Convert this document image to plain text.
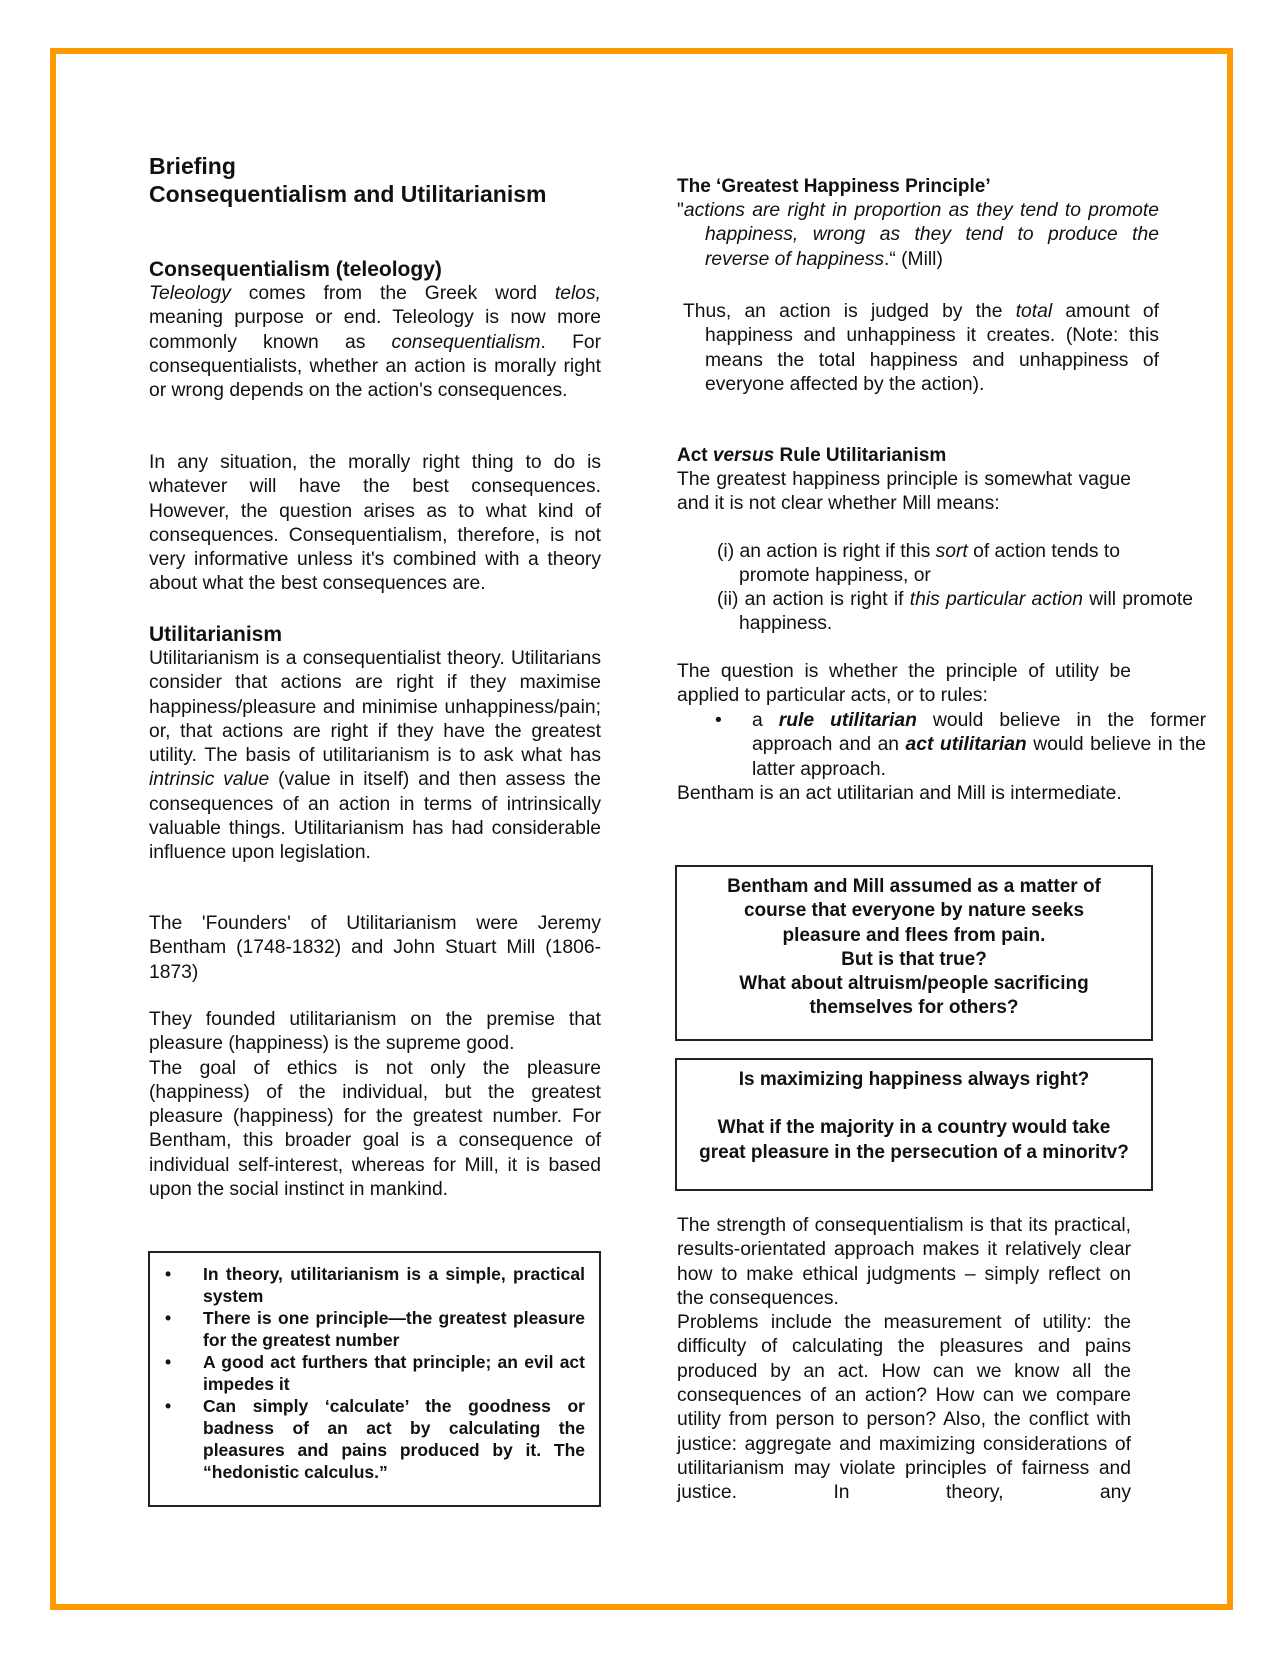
Briefing
Consequentialism and Utilitarianism
Consequentialism (teleology)

Teleology comes from the Greek word telos, meaning purpose or end. Teleology is now more commonly known as consequentialism. For consequentialists, whether an action is morally right or wrong depends on the action's consequences.

In any situation, the morally right thing to do is whatever will have the best consequences. However, the question arises as to what kind of consequences. Consequentialism, therefore, is not very informative unless it's combined with a theory about what the best consequences are.

Utilitarianism

Utilitarianism is a consequentialist theory. Utilitarians consider that actions are right if they maximise happiness/pleasure and minimise unhappiness/pain; or, that actions are right if they have the greatest utility. The basis of utilitarianism is to ask what has intrinsic value (value in itself) and then assess the consequences of an action in terms of intrinsically valuable things. Utilitarianism has had considerable influence upon legislation.

The 'Founders' of Utilitarianism were Jeremy Bentham (1748-1832) and John Stuart Mill (1806-1873)

They founded utilitarianism on the premise that pleasure (happiness) is the supreme good.

The goal of ethics is not only the pleasure (happiness) of the individual, but the greatest pleasure (happiness) for the greatest number. For Bentham, this broader goal is a consequence of individual self-interest, whereas for Mill, it is based upon the social instinct in mankind.

• In theory, utilitarianism is a simple, practical system
• There is one principle—the greatest pleasure for the greatest number
• A good act furthers that principle; an evil act impedes it
• Can simply ‘calculate’ the goodness or badness of an act by calculating the pleasures and pains produced by it. The “hedonistic calculus.”
The ‘Greatest Happiness Principle’

"actions are right in proportion as they tend to promote happiness, wrong as they tend to produce the reverse of happiness.“ (Mill)

Thus, an action is judged by the total amount of happiness and unhappiness it creates. (Note: this means the total happiness and unhappiness of everyone affected by the action).

Act versus Rule Utilitarianism

The greatest happiness principle is somewhat vague and it is not clear whether Mill means:

(i) an action is right if this sort of action tends to promote happiness, or

(ii) an action is right if this particular action will promote happiness.

The question is whether the principle of utility be applied to particular acts, or to rules:

• a rule utilitarian would believe in the former approach and an act utilitarian would believe in the latter approach.

Bentham is an act utilitarian and Mill is intermediate.

Bentham and Mill assumed as a matter of course that everyone by nature seeks pleasure and flees from pain.
But is that true?
What about altruism/people sacrificing themselves for others?
Is maximizing happiness always right?
What if the majority in a country would take great pleasure in the persecution of a minoritv?

The strength of consequentialism is that its practical, results-orientated approach makes it relatively clear how to make ethical judgments – simply reflect on the consequences.

Problems include the measurement of utility: the difficulty of calculating the pleasures and pains produced by an act. How can we know all the consequences of an action? How can we compare utility from person to person? Also, the conflict with justice: aggregate and maximizing considerations of utilitarianism may violate principles of fairness and justice. In theory, any
